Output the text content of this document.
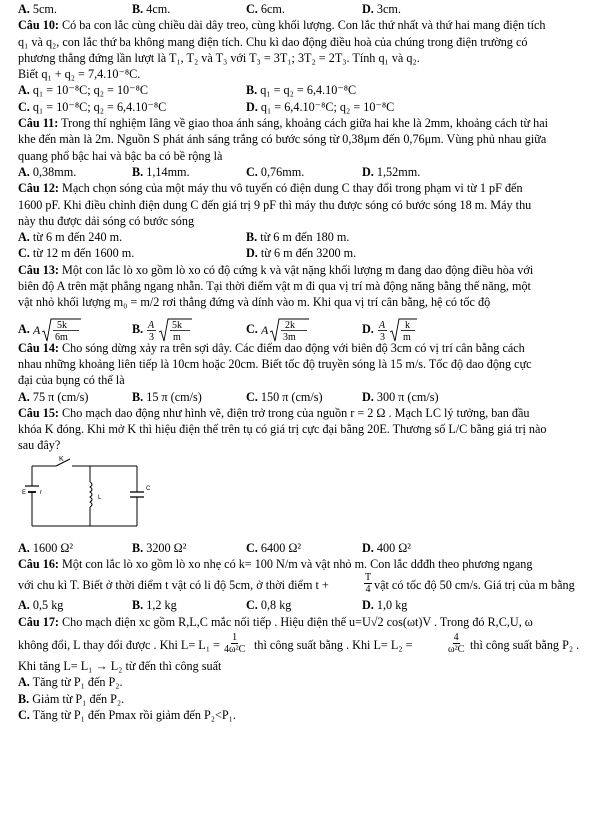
A. 5cm.	B. 4cm.	C. 6cm.	D. 3cm.
Câu 10: Có ba con lắc cùng chiều dài dây treo, cùng khối lượng. Con lắc thứ nhất và thứ hai mang điện tích
q₁ và q₂, con lắc thứ ba không mang điện tích. Chu kì dao động điều hoà của chúng trong điện trường có
phương thẳng đứng lần lượt là T₁, T₂ và T₃ với T₃ = 3T₁; 3T₂ = 2T₃. Tính q₁ và q₂.
Biết q₁ + q₂ = 7,4.10⁻⁸C.
A. q₁ = 10⁻⁸C; q₂ = 10⁻⁸C	B. q₁ = q₂ = 6,4.10⁻⁸C
C. q₁ = 10⁻⁸C; q₂ = 6,4.10⁻⁸C	D. q₁ = 6,4.10⁻⁸C; q₂ = 10⁻⁸C
Câu 11: Trong thí nghiệm Iâng về giao thoa ánh sáng, khoảng cách giữa hai khe là 2mm, khoảng cách từ hai
khe đến màn là 2m. Nguồn S phát ánh sáng trắng có bước sóng từ 0,38μm đến 0,76μm. Vùng phủ nhau giữa
quang phổ bậc hai và bậc ba có bề rộng là
A. 0,38mm.	B. 1,14mm.	C. 0,76mm.	D. 1,52mm.
Câu 12: Mạch chọn sóng của một máy thu vô tuyến có điện dung C thay đổi trong phạm vi từ 1 pF đến
1600 pF. Khi điều chỉnh điện dung C đến giá trị 9 pF thì máy thu được sóng có bước sóng 18 m. Máy thu
này thu được dải sóng có bước sóng
A. từ 6 m đến 240 m.	B. từ 6 m đến 180 m.
C. từ 12 m đến 1600 m.	D. từ 6 m đến 3200 m.
Câu 13: Một con lắc lò xo gồm lò xo có độ cứng k và vật nặng khối lượng m đang dao động điều hòa với
biên độ A trên mặt phẳng ngang nhẵn. Tại thời điểm vật m đi qua vị trí mà động năng bằng thế năng, một
vật nhỏ khối lượng m₀ = m/2 rơi thẳng đứng và dính vào m. Khi qua vị trí cân bằng, hệ có tốc độ
A. A 5k
6m
B. A
3
5k
m
C. A 2k
3m
D. A
3
k
m
Câu 14: Cho sóng dừng xảy ra trên sợi dây. Các điểm dao động với biên độ 3cm có vị trí cân bằng cách
nhau những khoảng liên tiếp là 10cm hoặc 20cm. Biết tốc độ truyền sóng là 15 m/s. Tốc độ dao động cực
đại của bụng có thể là
A. 75 π (cm/s)	B. 15 π (cm/s)	C. 150 π (cm/s)	D. 300 π (cm/s)
Câu 15: Cho mạch dao động như hình vẽ, điện trở trong của nguồn r = 2 Ω . Mạch LC lý tưởng, ban đầu
khóa K đóng. Khi mở K thì hiệu điện thế trên tụ có giá trị cực đại bằng 20E. Thương số L/C bằng giá trị nào
sau đây?
K
E r
L
C
A. 1600 Ω²	B. 3200 Ω²	C. 6400 Ω²	D. 400 Ω²
Câu 16: Một con lắc lò xo gồm lò xo nhẹ có k= 100 N/m và vật nhỏ m. Con lắc dđđh theo phương ngang
với chu kì T. Biết ở thời điểm t vật có li độ 5cm, ở thời điểm t +	$\frac{T}{4}$ vật có tốc độ 50 cm/s. Giá trị của m bằng
A. 0,5 kg	B. 1,2 kg	C. 0,8 kg	D. 1,0 kg
Câu 17: Cho mạch điện xc gồm R,L,C mắc nối tiếp . Hiệu điện thế u=U√2 cos(ωt)V . Trong đó R,C,U, ω
không đổi, L thay đổi được . Khi $L= L_1 = \frac{1}{\text{4ω²C}}$ thì công suất bằng . Khi L= L₂ =	$\frac{4}{\text{ω²C}}$ thì công suất bằng P₂ .
Khi tăng L= L₁ → L₂ từ đến thì công suất
A. Tăng từ P₁ đến P₂.
B. Giảm từ P₁ đến P₂.
C. Tăng từ P₁ đến Pmax rồi giảm đến P₂<P₁.
